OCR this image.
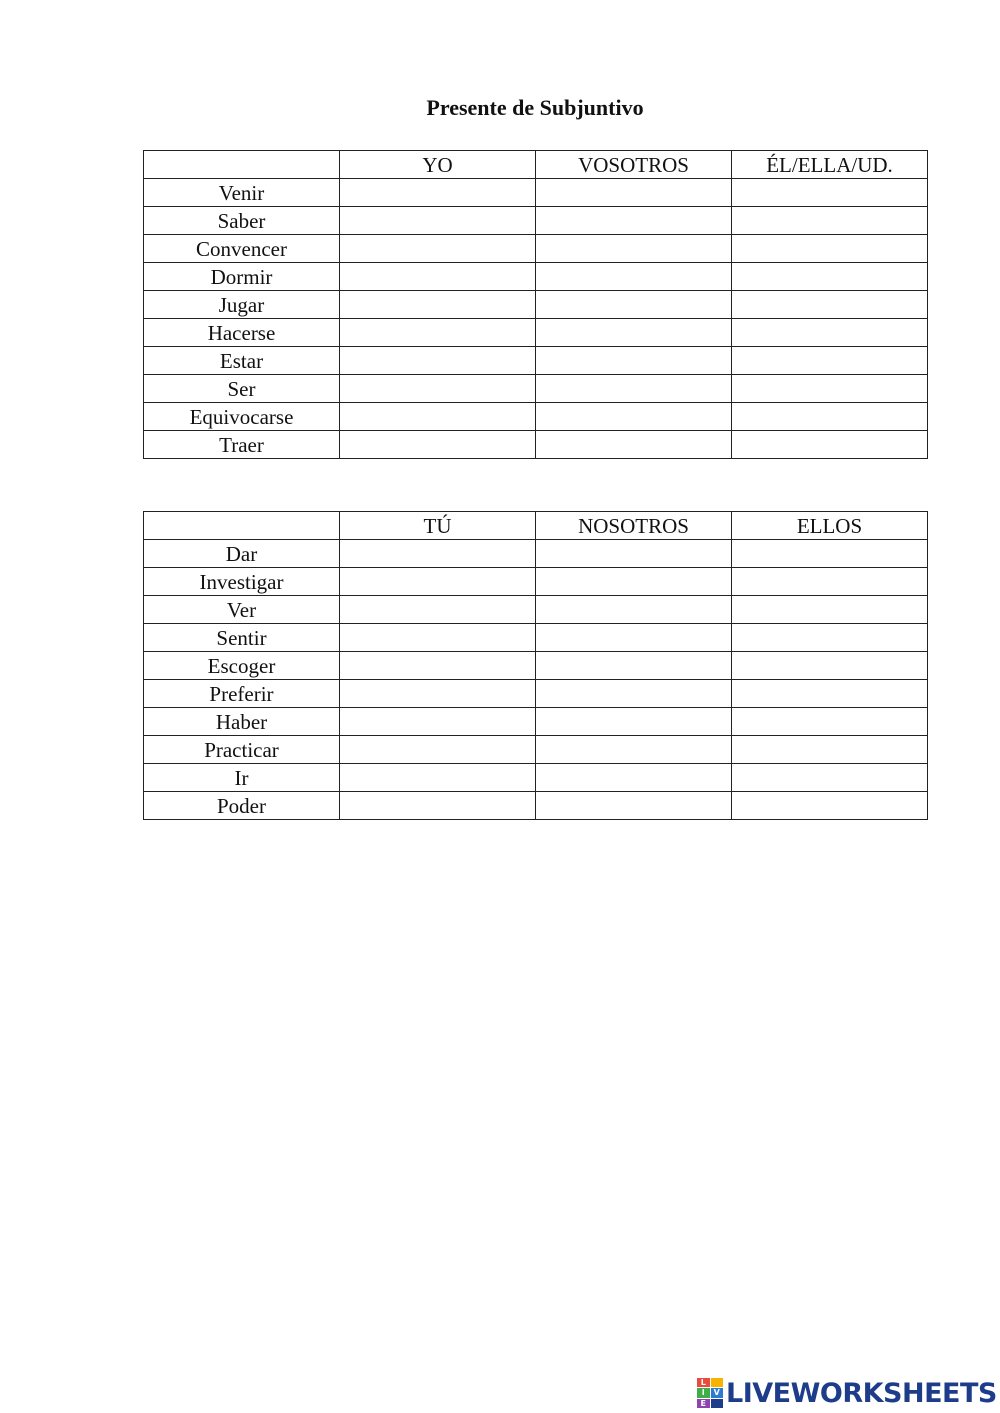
Presente de Subjuntivo
	YO	VOSOTROS	ÉL/ELLA/UD.
Venir			
Saber			
Convencer			
Dormir			
Jugar			
Hacerse			
Estar			
Ser			
Equivocarse			
Traer			
	TÚ	NOSOTROS	ELLOS
Dar			
Investigar			
Ver			
Sentir			
Escoger			
Preferir			
Haber			
Practicar			
Ir			
Poder			
L
I	V
E LIVEWORKSHEETS
